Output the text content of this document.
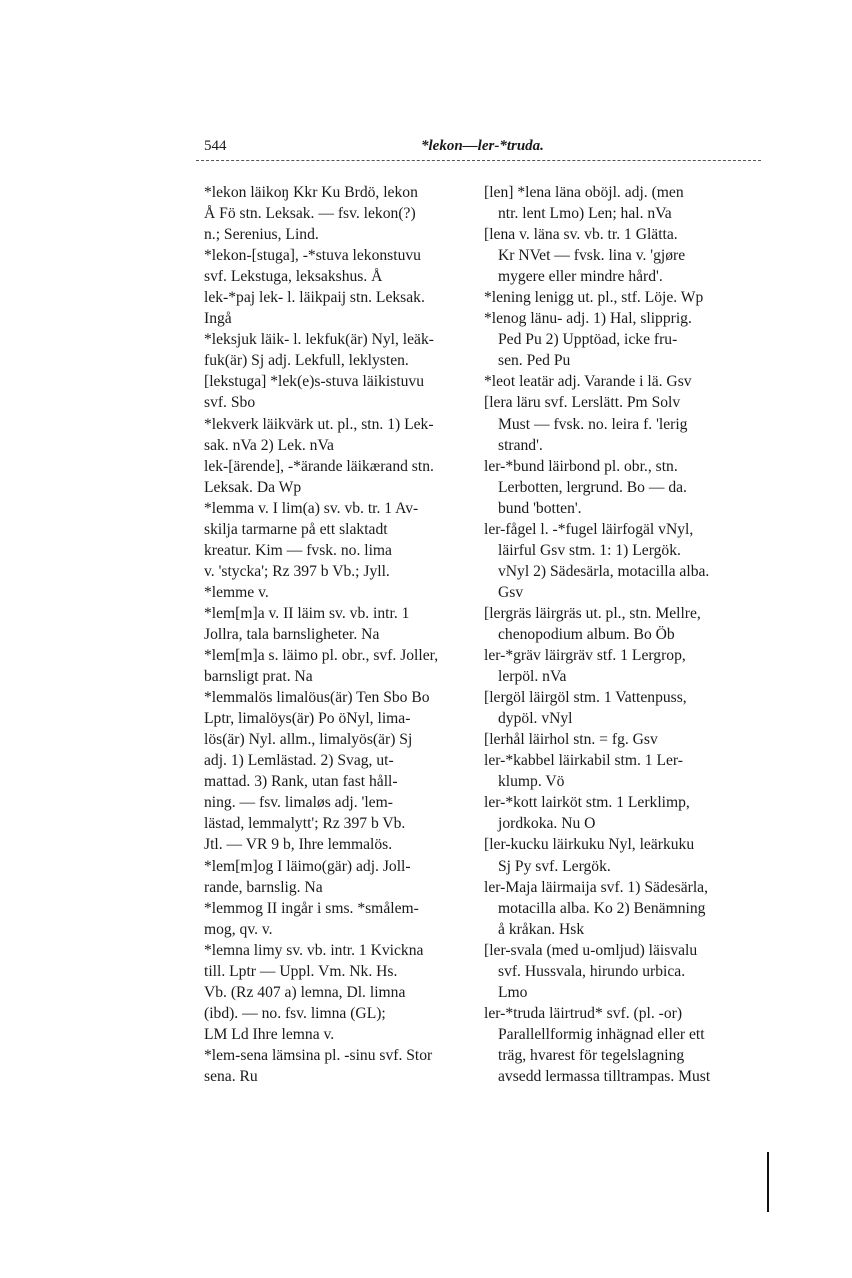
544	*lekon—ler-*truda.
*lekon läikoŋ Kkr Ku Brdö, lekon
Å Fö stn. Leksak. — fsv. lekon(?)
n.; Serenius, Lind.
*lekon-[stuga], -*stuva lekonstuvu
svf. Lekstuga, leksakshus. Å
lek-*paj lek- l. läikpaij stn. Leksak.
Ingå
*leksjuk läik- l. lekfuk(är) Nyl, leäk-
fuk(är) Sj adj. Lekfull, leklysten.
[lekstuga] *lek(e)s-stuva läikistuvu
svf. Sbo
*lekverk läikvärk ut. pl., stn. 1) Lek-
sak. nVa 2) Lek. nVa
lek-[ärende], -*ärande läikærand stn.
Leksak. Da Wp
*lemma v. I lim(a) sv. vb. tr. 1 Av-
skilja tarmarne på ett slaktadt
kreatur. Kim — fvsk. no. lima
v. 'stycka'; Rz 397 b Vb.; Jyll.
*lemme v.
*lem[m]a v. II läim sv. vb. intr. 1
Jollra, tala barnsligheter. Na
*lem[m]a s. läimo pl. obr., svf. Joller,
barnsligt prat. Na
*lemmalös limalöus(är) Ten Sbo Bo
Lptr, limalöys(är) Po öNyl, lima-
lös(är) Nyl. allm., limalyös(är) Sj
adj. 1) Lemlästad. 2) Svag, ut-
mattad. 3) Rank, utan fast håll-
ning. — fsv. limaløs adj. 'lem-
lästad, lemmalytt'; Rz 397 b Vb.
Jtl. — VR 9 b, Ihre lemmalös.
*lem[m]og I läimo(gär) adj. Joll-
rande, barnslig. Na
*lemmog II ingår i sms. *smålem-
mog, qv. v.
*lemna limy sv. vb. intr. 1 Kvickna
till. Lptr — Uppl. Vm. Nk. Hs.
Vb. (Rz 407 a) lemna, Dl. limna
(ibd). — no. fsv. limna (GL);
LM Ld Ihre lemna v.
*lem-sena lämsina pl. -sinu svf. Stor
sena. Ru
[len] *lena läna oböjl. adj. (men
ntr. lent Lmo) Len; hal. nVa
[lena v. läna sv. vb. tr. 1 Glätta.
Kr NVet — fvsk. lina v. 'gjøre
mygere eller mindre hård'.
*lening lenigg ut. pl., stf. Löje. Wp
*lenog länu- adj. 1) Hal, slipprig.
Ped Pu 2) Upptöad, icke fru-
sen. Ped Pu
*leot leatär adj. Varande i lä. Gsv
[lera läru svf. Lerslätt. Pm Solv
Must — fvsk. no. leira f. 'lerig
strand'.
ler-*bund läirbond pl. obr., stn.
Lerbotten, lergrund. Bo — da.
bund 'botten'.
ler-fågel l. -*fugel läirfogäl vNyl,
läirful Gsv stm. 1: 1) Lergök.
vNyl 2) Sädesärla, motacilla alba.
Gsv
[lergräs läirgräs ut. pl., stn. Mellre,
chenopodium album. Bo Öb
ler-*gräv läirgräv stf. 1 Lergrop,
lerpöl. nVa
[lergöl läirgöl stm. 1 Vattenpuss,
dypöl. vNyl
[lerhål läirhol stn. = fg. Gsv
ler-*kabbel läirkabil stm. 1 Ler-
klump. Vö
ler-*kott lairköt stm. 1 Lerklimp,
jordkoka. Nu O
[ler-kucku läirkuku Nyl, leärkuku
Sj Py svf. Lergök.
ler-Maja läirmaija svf. 1) Sädesärla,
motacilla alba. Ko 2) Benämning
å kråkan. Hsk
[ler-svala (med u-omljud) läisvalu
svf. Hussvala, hirundo urbica.
Lmo
ler-*truda läirtrud* svf. (pl. -or)
Parallellformig inhägnad eller ett
träg, hvarest för tegelslagning
avsedd lermassa tilltrampas. Must
